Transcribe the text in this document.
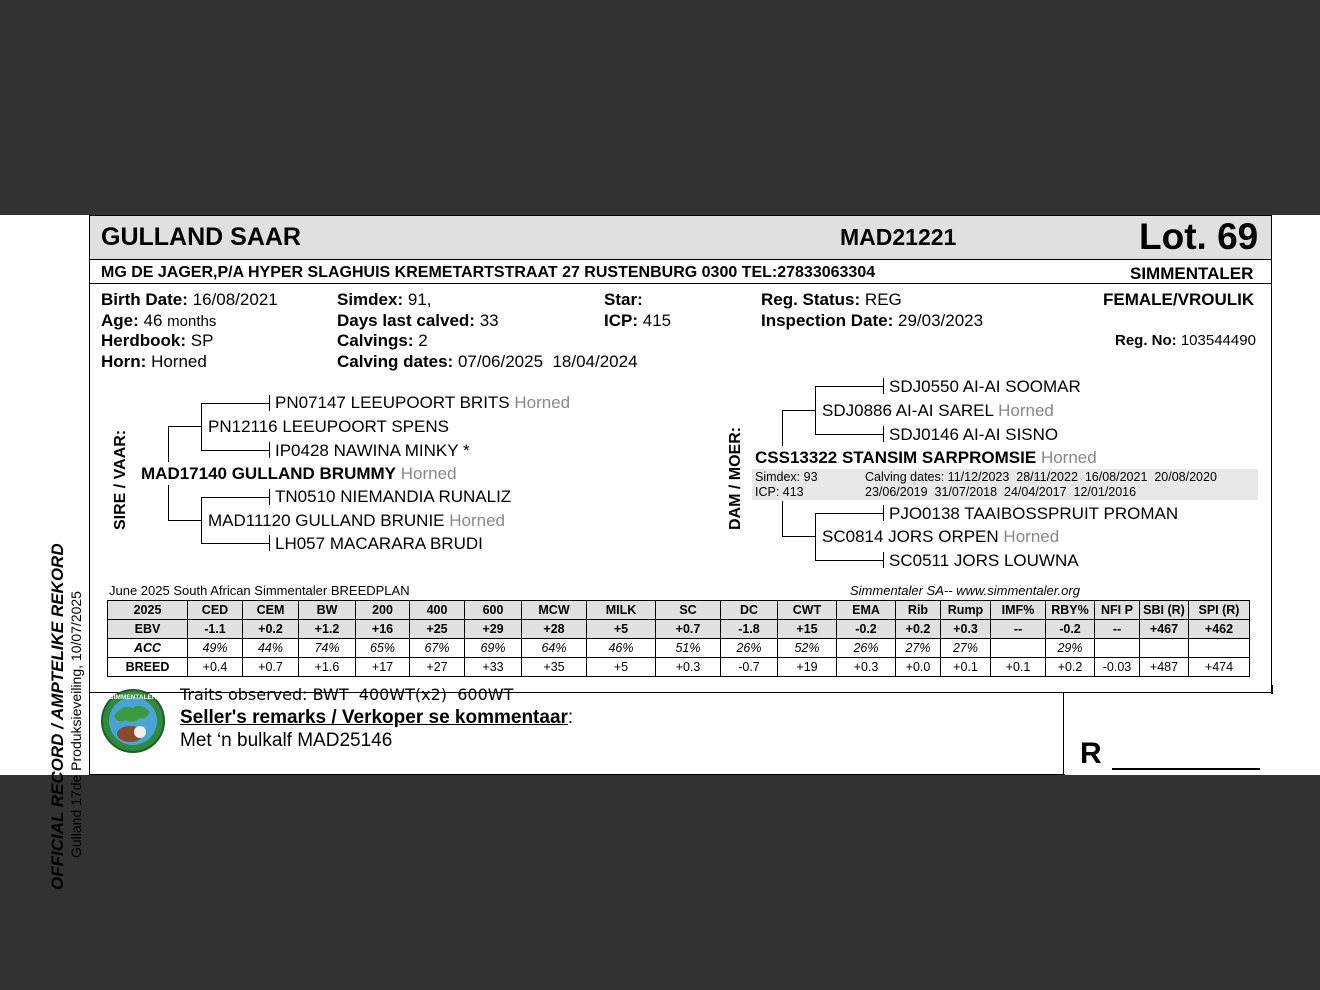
OFFICIAL RECORD / AMPTELIKE REKORD Gulland 17de Produksieveiling, 10/07/2025
GULLAND SAAR	MAD21221	Lot. 69
MG DE JAGER,P/A HYPER SLAGHUIS KREMETARTSTRAAT 27 RUSTENBURG 0300 TEL:27833063304	SIMMENTALER
Birth Date: 16/08/2021
Age: 46 months
Herdbook: SP
Horn: Horned
Simdex: 91,
Days last calved: 33
Calvings: 2
Calving dates: 07/06/2025  18/04/2024
Star:
ICP: 415
Reg. Status: REG
Inspection Date: 29/03/2023
FEMALE/VROULIK
Reg. No: 103544490
SIRE / VAAR:
PN07147 LEEUPOORT BRITS Horned
PN12116 LEEUPOORT SPENS
IP0428 NAWINA MINKY *
MAD17140 GULLAND BRUMMY Horned
TN0510 NIEMANDIA RUNALIZ
MAD11120 GULLAND BRUNIE Horned
LH057 MACARARA BRUDI
DAM / MOER:
SDJ0550 AI-AI SOOMAR
SDJ0886 AI-AI SAREL Horned
SDJ0146 AI-AI SISNO
CSS13322 STANSIM SARPROMSIE Horned
Simdex: 93
ICP: 413
Calving dates: 11/12/2023  28/11/2022  16/08/2021  20/08/2020
23/06/2019  31/07/2018  24/04/2017  12/01/2016
PJO0138 TAAIBOSSPRUIT PROMAN
SC0814 JORS ORPEN Horned
SC0511 JORS LOUWNA
June 2025 South African Simmentaler BREEDPLAN	Simmentaler SA-- www.simmentaler.org
2025	CED	CEM	BW	200	400	600	MCW	MILK	SC	DC	CWT	EMA	Rib	Rump	IMF%	RBY%	NFI P	SBI (R)	SPI (R)
EBV	-1.1	+0.2	+1.2	+16	+25	+29	+28	+5	+0.7	-1.8	+15	-0.2	+0.2	+0.3	--	-0.2	--	+467	+462
ACC	49%	44%	74%	65%	67%	69%	64%	46%	51%	26%	52%	26%	27%	27%		29%			
BREED	+0.4	+0.7	+1.6	+17	+27	+33	+35	+5	+0.3	-0.7	+19	+0.3	+0.0	+0.1	+0.1	+0.2	-0.03	+487	+474
SIMMENTALER Traits observed: BWT  400WT(x2)  600WT
Seller's remarks / Verkoper se kommentaar:
Met ‘n bulkalf MAD25146	R
